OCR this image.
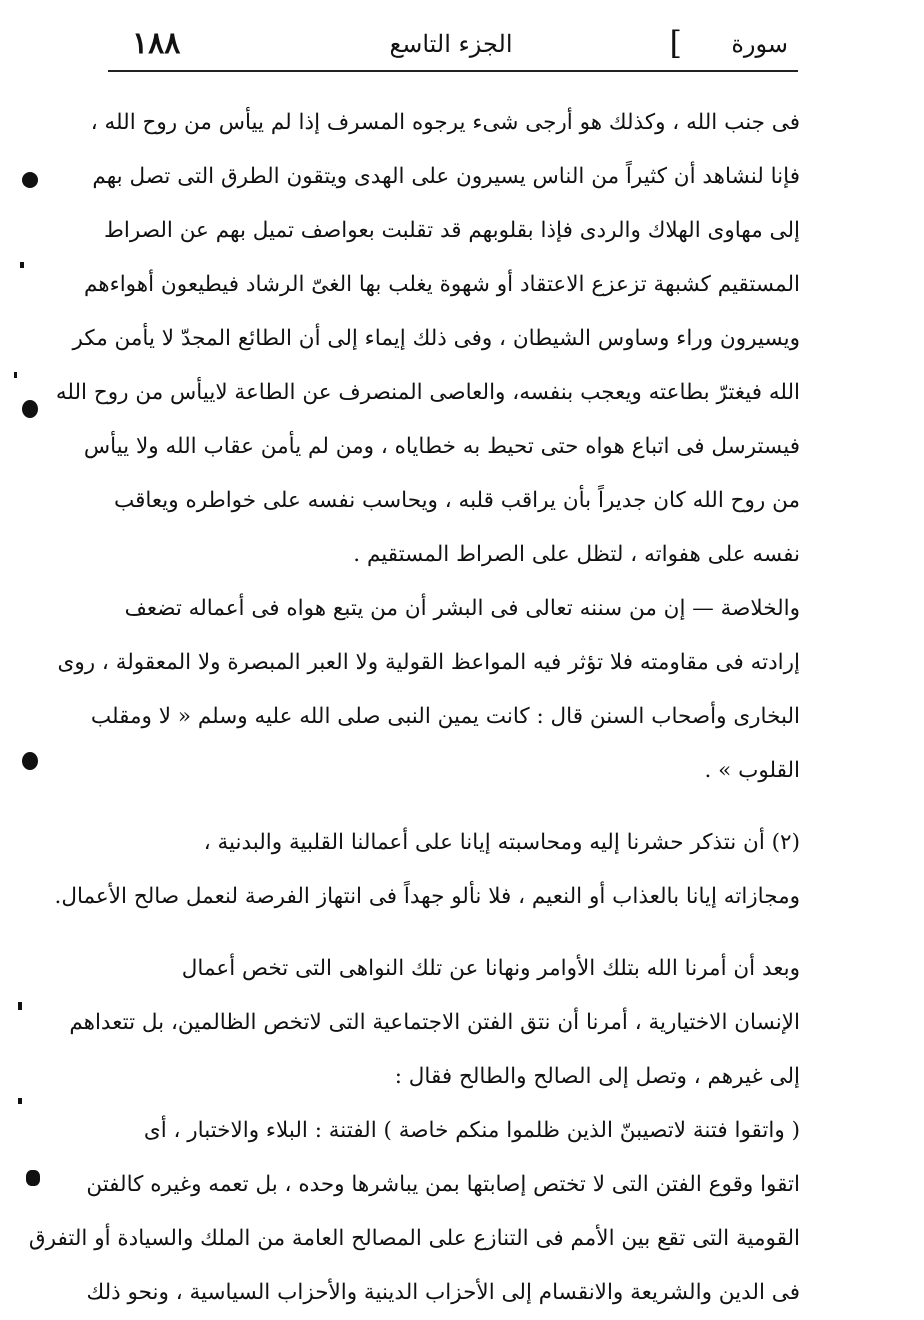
١٨٨	الجزء التاسع	[ سورة
فى جنب الله ، وكذلك هو أرجى شىء يرجوه المسرف إذا لم ييأس من روح الله ،
فإنا لنشاهد أن كثيراً من الناس يسيرون على الهدى ويتقون الطرق التى تصل بهم
إلى مهاوى الهلاك والردى فإذا بقلوبهم قد تقلبت بعواصف تميل بهم عن الصراط
المستقيم كشبهة تزعزع الاعتقاد أو شهوة يغلب بها الغىّ الرشاد فيطيعون أهواءهم
ويسيرون وراء وساوس الشيطان ، وفى ذلك إيماء إلى أن الطائع المجدّ لا يأمن مكر
الله فيغترّ بطاعته ويعجب بنفسه، والعاصى المنصرف عن الطاعة لاييأس من روح الله
فيسترسل فى اتباع هواه حتى تحيط به خطاياه ، ومن لم يأمن عقاب الله ولا ييأس
من روح الله كان جديراً بأن يراقب قلبه ، ويحاسب نفسه على خواطره ويعاقب
نفسه على هفواته ، لتظل على الصراط المستقيم .
والخلاصة — إن من سننه تعالى فى البشر أن من يتبع هواه فى أعماله تضعف
إرادته فى مقاومته فلا تؤثر فيه المواعظ القولية ولا العبر المبصرة ولا المعقولة ، روى
البخارى وأصحاب السنن قال : كانت يمين النبى صلى الله عليه وسلم « لا ومقلب
القلوب » .
(٢) أن نتذكر حشرنا إليه ومحاسبته إيانا على أعمالنا القلبية والبدنية ،
ومجازاته إيانا بالعذاب أو النعيم ، فلا نألو جهداً فى انتهاز الفرصة لنعمل صالح الأعمال.
وبعد أن أمرنا الله بتلك الأوامر ونهانا عن تلك النواهى التى تخص أعمال
الإنسان الاختيارية ، أمرنا أن نتق الفتن الاجتماعية التى لاتخص الظالمين، بل تتعداهم
إلى غيرهم ، وتصل إلى الصالح والطالح فقال :
( واتقوا فتنة لاتصيبنّ الذين ظلموا منكم خاصة ) الفتنة : البلاء والاختبار ، أى
اتقوا وقوع الفتن التى لا تختص إصابتها بمن يباشرها وحده ، بل تعمه وغيره كالفتن
القومية التى تقع بين الأمم فى التنازع على المصالح العامة من الملك والسيادة أو التفرق
فى الدين والشريعة والانقسام إلى الأحزاب الدينية والأحزاب السياسية ، ونحو ذلك
